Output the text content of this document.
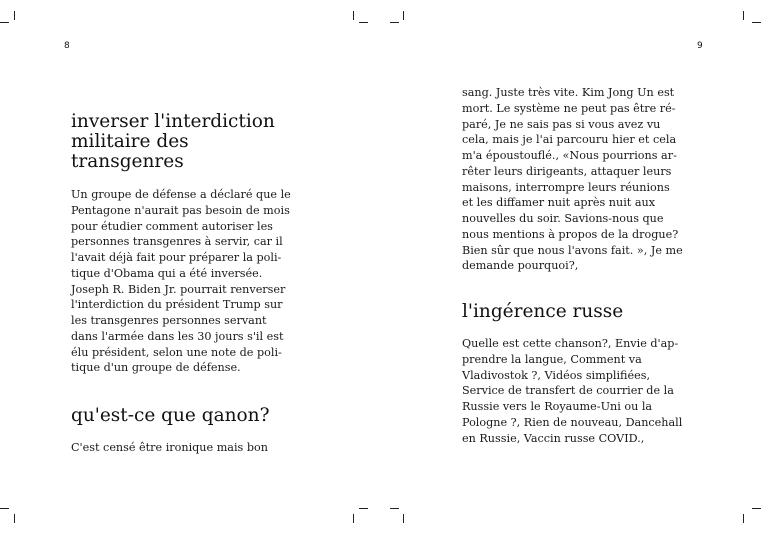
8	9
inverser l'interdiction
militaire des
transgenres

Un groupe de défense a déclaré que le
Pentagone n'aurait pas besoin de mois
pour étudier comment autoriser les
personnes transgenres à servir, car il
l'avait déjà fait pour préparer la poli-
tique d'Obama qui a été inversée.
Joseph R. Biden Jr. pourrait renverser
l'interdiction du président Trump sur
les transgenres personnes servant
dans l'armée dans les 30 jours s'il est
élu président, selon une note de poli-
tique d'un groupe de défense.

qu'est-ce que qanon?

C'est censé être ironique mais bon

sang. Juste très vite. Kim Jong Un est
mort. Le système ne peut pas être ré-
paré, Je ne sais pas si vous avez vu
cela, mais je l'ai parcouru hier et cela
m'a époustouflé., «Nous pourrions ar-
rêter leurs dirigeants, attaquer leurs
maisons, interrompre leurs réunions
et les diffamer nuit après nuit aux
nouvelles du soir. Savions-nous que
nous mentions à propos de la drogue?
Bien sûr que nous l'avons fait. », Je me
demande pourquoi?,

l'ingérence russe

Quelle est cette chanson?, Envie d'ap-
prendre la langue, Comment va
Vladivostok ?, Vidéos simplifiées,
Service de transfert de courrier de la
Russie vers le Royaume-Uni ou la
Pologne ?, Rien de nouveau, Dancehall
en Russie, Vaccin russe COVID.,
